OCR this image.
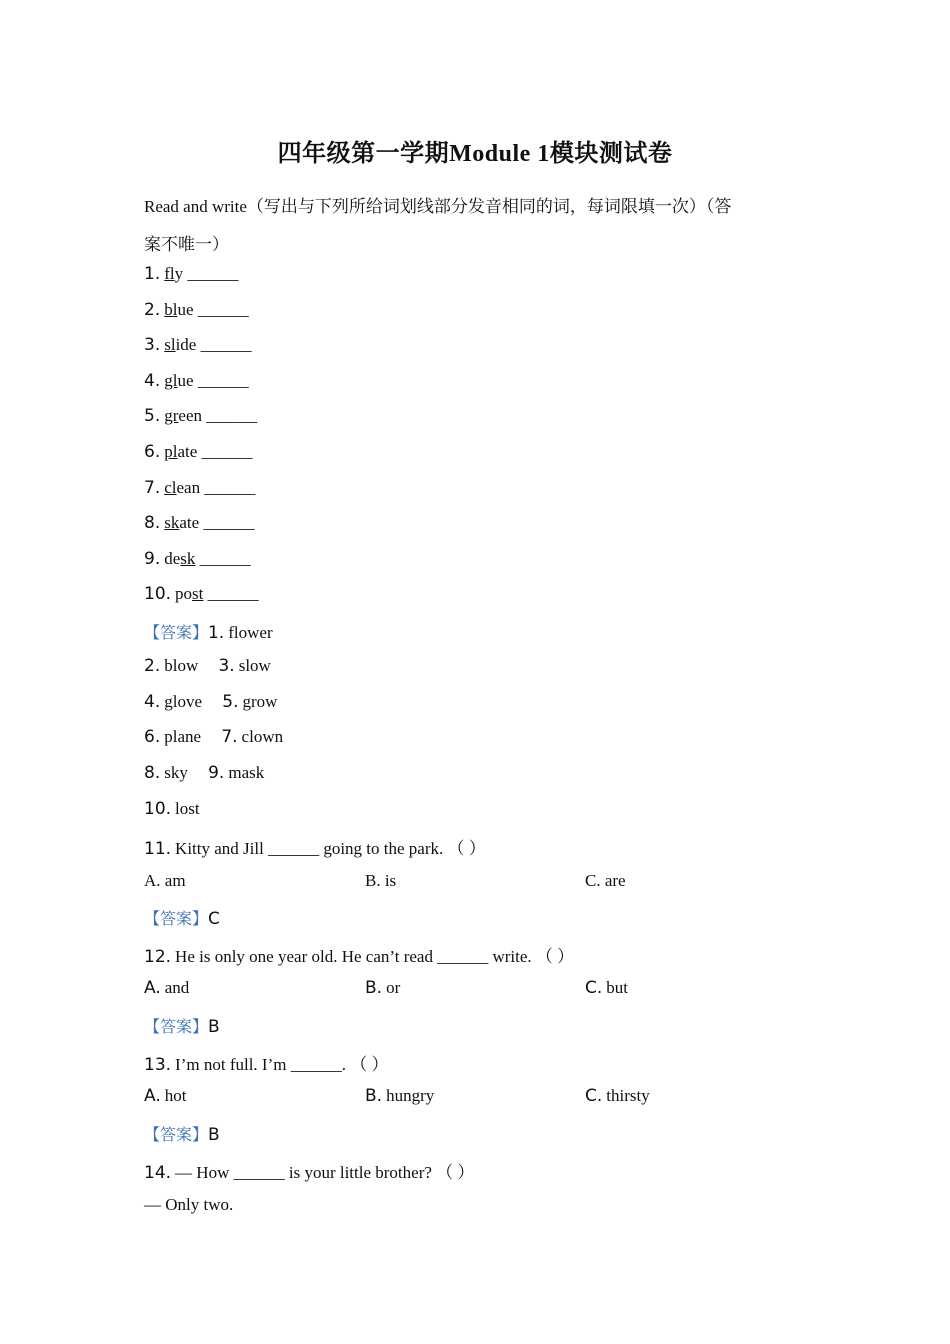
四年级第一学期Module 1模块测试卷
Read and write（写出与下列所给词划线部分发音相同的词，每词限填一次）（答
案不唯一）
1. fly ______
2. blue ______
3. slide ______
4. glue ______
5. green ______
6. plate ______
7. clean ______
8. skate ______
9. desk ______
10. post ______
【答案】1. flower
2. blow 3. slow
4. glove 5. grow
6. plane 7. clown
8. sky 9. mask
10. lost
11. Kitty and Jill ______ going to the park. （ ）
A. am	B. is	C. are
【答案】C
12. He is only one year old. He can’t read ______ write. （ ）
A. and	B. or	C. but
【答案】B
13. I’m not full. I’m ______. （ ）
A. hot	B. hungry	C. thirsty
【答案】B
14. — How ______ is your little brother? （ ）
— Only two.
